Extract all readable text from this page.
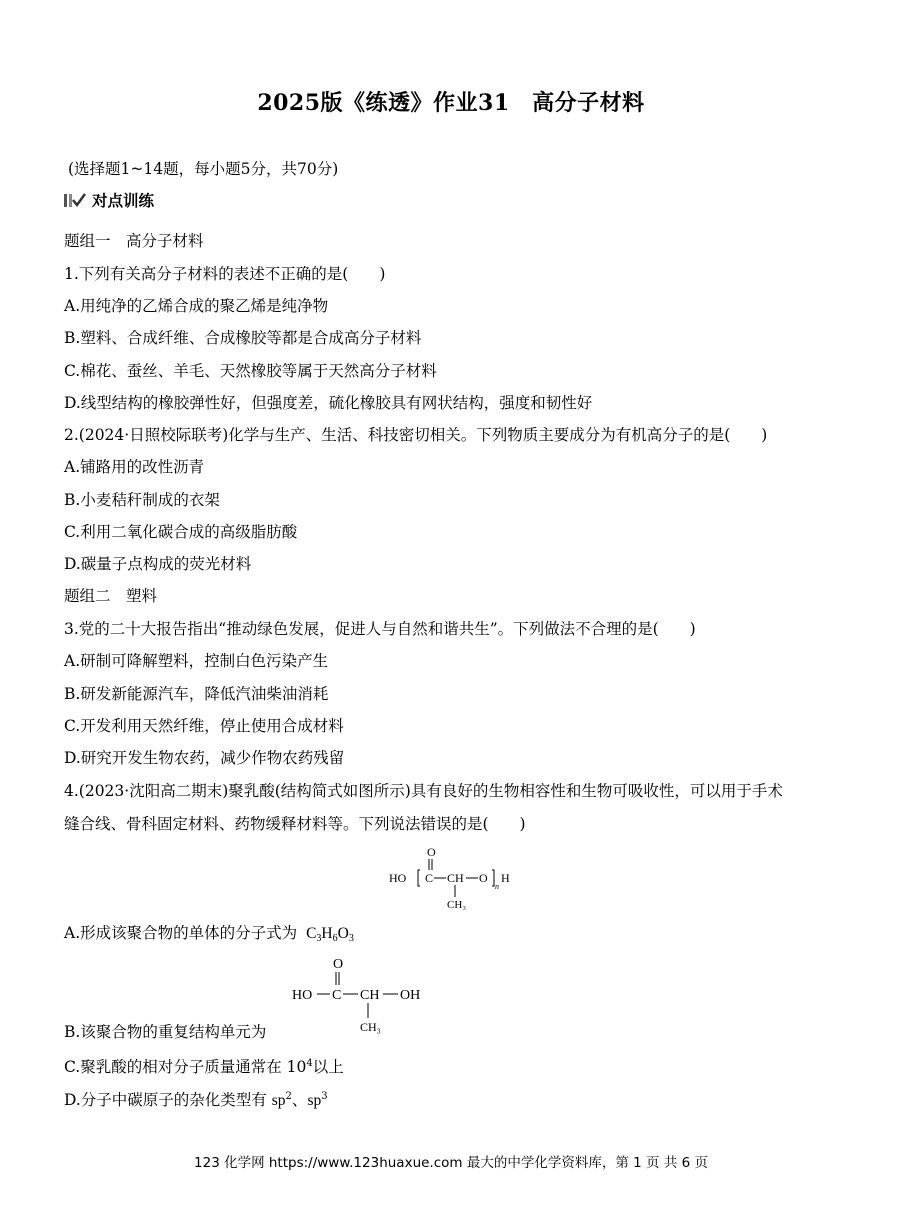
2025版《练透》作业31　高分子材料
(选择题1~14题，每小题5分，共70分)
对点训练
题组一　高分子材料
1.下列有关高分子材料的表述不正确的是(　　)
A.用纯净的乙烯合成的聚乙烯是纯净物
B.塑料、合成纤维、合成橡胶等都是合成高分子材料
C.棉花、蚕丝、羊毛、天然橡胶等属于天然高分子材料
D.线型结构的橡胶弹性好，但强度差，硫化橡胶具有网状结构，强度和韧性好
2.(2024·日照校际联考)化学与生产、生活、科技密切相关。下列物质主要成分为有机高分子的是(　　)
A.铺路用的改性沥青
B.小麦秸秆制成的衣架
C.利用二氧化碳合成的高级脂肪酸
D.碳量子点构成的荧光材料
题组二　塑料
3.党的二十大报告指出“推动绿色发展，促进人与自然和谐共生”。下列做法不合理的是(　　)
A.研制可降解塑料，控制白色污染产生
B.研发新能源汽车，降低汽油柴油消耗
C.开发利用天然纤维，停止使用合成材料
D.研究开发生物农药，减少作物农药残留
4.(2023·沈阳高二期末)聚乳酸(结构简式如图所示)具有良好的生物相容性和生物可吸收性，可以用于手术
缝合线、骨科固定材料、药物缓释材料等。下列说法错误的是(　　)
O
HO C CH O H
n
CH₃
A.形成该聚合物的单体的分子式为 $C_3H_6O_3$
O
HO C CH OH
CH₃
B.该聚合物的重复结构单元为
C.聚乳酸的相对分子质量通常在 $10^4$以上
D.分子中碳原子的杂化类型有 $sp^2$、$sp^3$
123 化学网 https://www.123huaxue.com 最大的中学化学资料库，第 1 页 共 6 页
